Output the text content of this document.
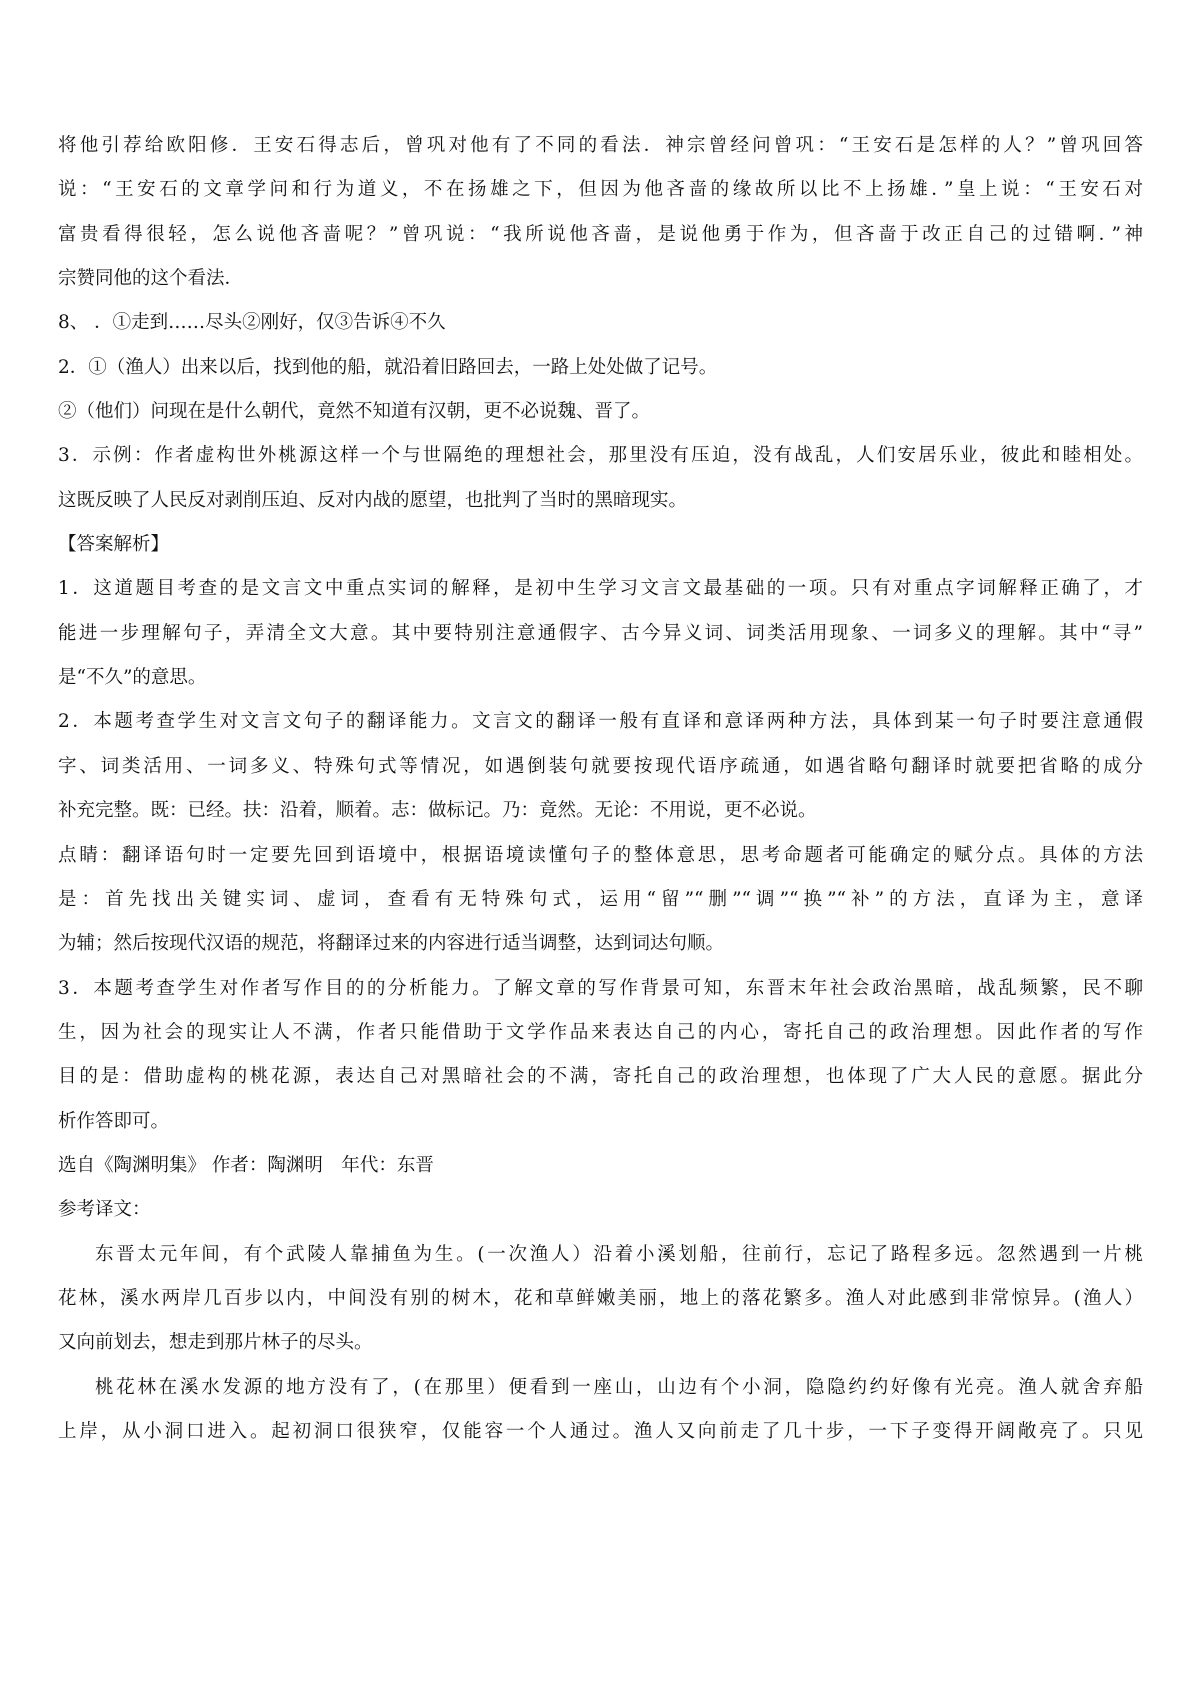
将他引荐给欧阳修．王安石得志后，曾巩对他有了不同的看法．神宗曾经问曾巩：“王安石是怎样的人？”曾巩回答
说：“王安石的文章学问和行为道义，不在扬雄之下，但因为他吝啬的缘故所以比不上扬雄．”皇上说：“王安石对
富贵看得很轻，怎么说他吝啬呢？”曾巩说：“我所说他吝啬，是说他勇于作为，但吝啬于改正自己的过错啊．”神
宗赞同他的这个看法．
8、 ．①走到……尽头②刚好，仅③告诉④不久
2．①（渔人）出来以后，找到他的船，就沿着旧路回去，一路上处处做了记号。
②（他们）问现在是什么朝代，竟然不知道有汉朝，更不必说魏、晋了。
3．示例：作者虚构世外桃源这样一个与世隔绝的理想社会，那里没有压迫，没有战乱，人们安居乐业，彼此和睦相处。
这既反映了人民反对剥削压迫、反对内战的愿望，也批判了当时的黑暗现实。
【答案解析】
1．这道题目考查的是文言文中重点实词的解释，是初中生学习文言文最基础的一项。只有对重点字词解释正确了，才
能进一步理解句子，弄清全文大意。其中要特别注意通假字、古今异义词、词类活用现象、一词多义的理解。其中“寻”
是“不久”的意思。
2．本题考查学生对文言文句子的翻译能力。文言文的翻译一般有直译和意译两种方法，具体到某一句子时要注意通假
字、词类活用、一词多义、特殊句式等情况，如遇倒装句就要按现代语序疏通，如遇省略句翻译时就要把省略的成分
补充完整。既：已经。扶：沿着，顺着。志：做标记。乃：竟然。无论：不用说，更不必说。
点睛：翻译语句时一定要先回到语境中，根据语境读懂句子的整体意思，思考命题者可能确定的赋分点。具体的方法
是：首先找出关键实词、虚词，查看有无特殊句式，运用“留”“删”“调”“换”“补”的方法，直译为主，意译
为辅；然后按现代汉语的规范，将翻译过来的内容进行适当调整，达到词达句顺。
3．本题考查学生对作者写作目的的分析能力。了解文章的写作背景可知，东晋末年社会政治黑暗，战乱频繁，民不聊
生，因为社会的现实让人不满，作者只能借助于文学作品来表达自己的内心，寄托自己的政治理想。因此作者的写作
目的是：借助虚构的桃花源，表达自己对黑暗社会的不满，寄托自己的政治理想，也体现了广大人民的意愿。据此分
析作答即可。
选自《陶渊明集》 作者：陶渊明　年代：东晋
参考译文：
东晋太元年间，有个武陵人靠捕鱼为生。(一次渔人）沿着小溪划船，往前行，忘记了路程多远。忽然遇到一片桃
花林，溪水两岸几百步以内，中间没有别的树木，花和草鲜嫩美丽，地上的落花繁多。渔人对此感到非常惊异。(渔人）
又向前划去，想走到那片林子的尽头。
桃花林在溪水发源的地方没有了，(在那里）便看到一座山，山边有个小洞，隐隐约约好像有光亮。渔人就舍弃船
上岸，从小洞口进入。起初洞口很狭窄，仅能容一个人通过。渔人又向前走了几十步，一下子变得开阔敞亮了。只见
